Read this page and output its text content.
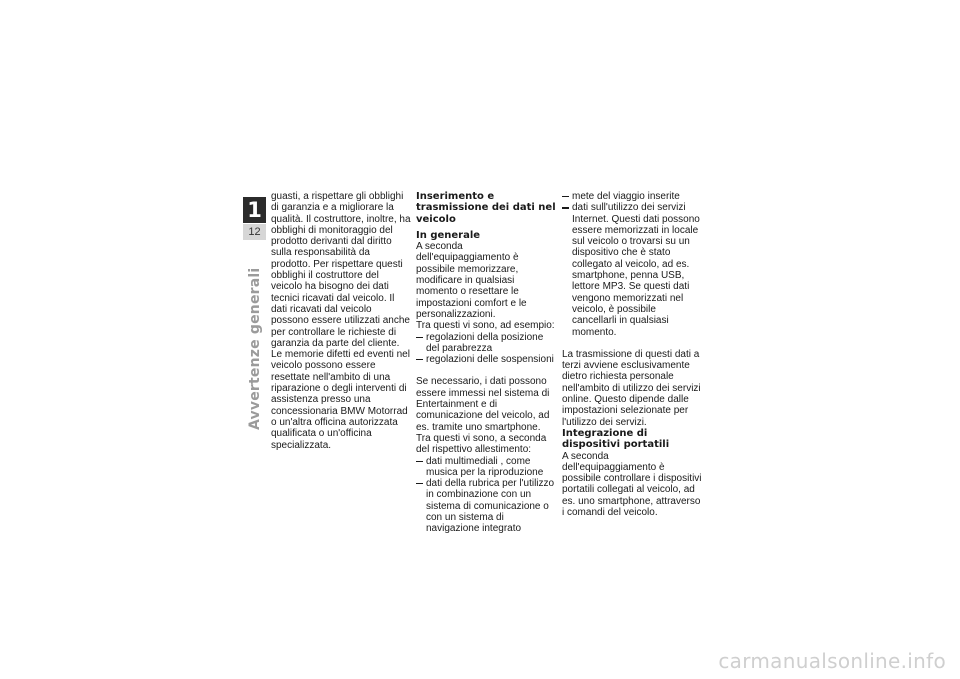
1
12
Avvertenze generali

guasti, a rispettare gli obblighi di garanzia e a migliorare la qualità. Il costruttore, inoltre, ha obblighi di monitoraggio del prodotto derivanti dal diritto sulla responsabilità da prodotto. Per rispettare questi obblighi il costruttore del veicolo ha bisogno dei dati tecnici ricavati dal veicolo. Il dati ricavati dal veicolo possono essere utilizzati anche per controllare le richieste di garanzia da parte del cliente.

Le memorie difetti ed eventi nel veicolo possono essere resettate nell'ambito di una riparazione o degli interventi di assistenza presso una concessionaria BMW Motorrad o un'altra officina autorizzata qualificata o un'officina specializzata.

Inserimento e trasmissione dei dati nel veicolo
In generale

A seconda dell'equipaggiamento è possibile memorizzare, modificare in qualsiasi momento o resettare le impostazioni comfort e le personalizzazioni.

Tra questi vi sono, ad esempio:

regolazioni della posizione del parabrezza
regolazioni delle sospensioni

Se necessario, i dati possono essere immessi nel sistema di Entertainment e di comunicazione del veicolo, ad es. tramite uno smartphone.

Tra questi vi sono, a seconda del rispettivo allestimento:

dati multimediali , come musica per la riproduzione
dati della rubrica per l'utilizzo in combinazione con un sistema di comunicazione o con un sistema di navigazione integrato
mete del viaggio inserite
dati sull'utilizzo dei servizi Internet. Questi dati possono essere memorizzati in locale sul veicolo o trovarsi su un dispositivo che è stato collegato al veicolo, ad es. smartphone, penna USB, lettore MP3. Se questi dati vengono memorizzati nel veicolo, è possibile cancellarli in qualsiasi momento.

La trasmissione di questi dati a terzi avviene esclusivamente dietro richiesta personale nell'ambito di utilizzo dei servizi online. Questo dipende dalle impostazioni selezionate per l'utilizzo dei servizi.

Integrazione di dispositivi portatili

A seconda dell'equipaggiamento è possibile controllare i dispositivi portatili collegati al veicolo, ad es. uno smartphone, attraverso i comandi del veicolo.

carmanualsonline.info
